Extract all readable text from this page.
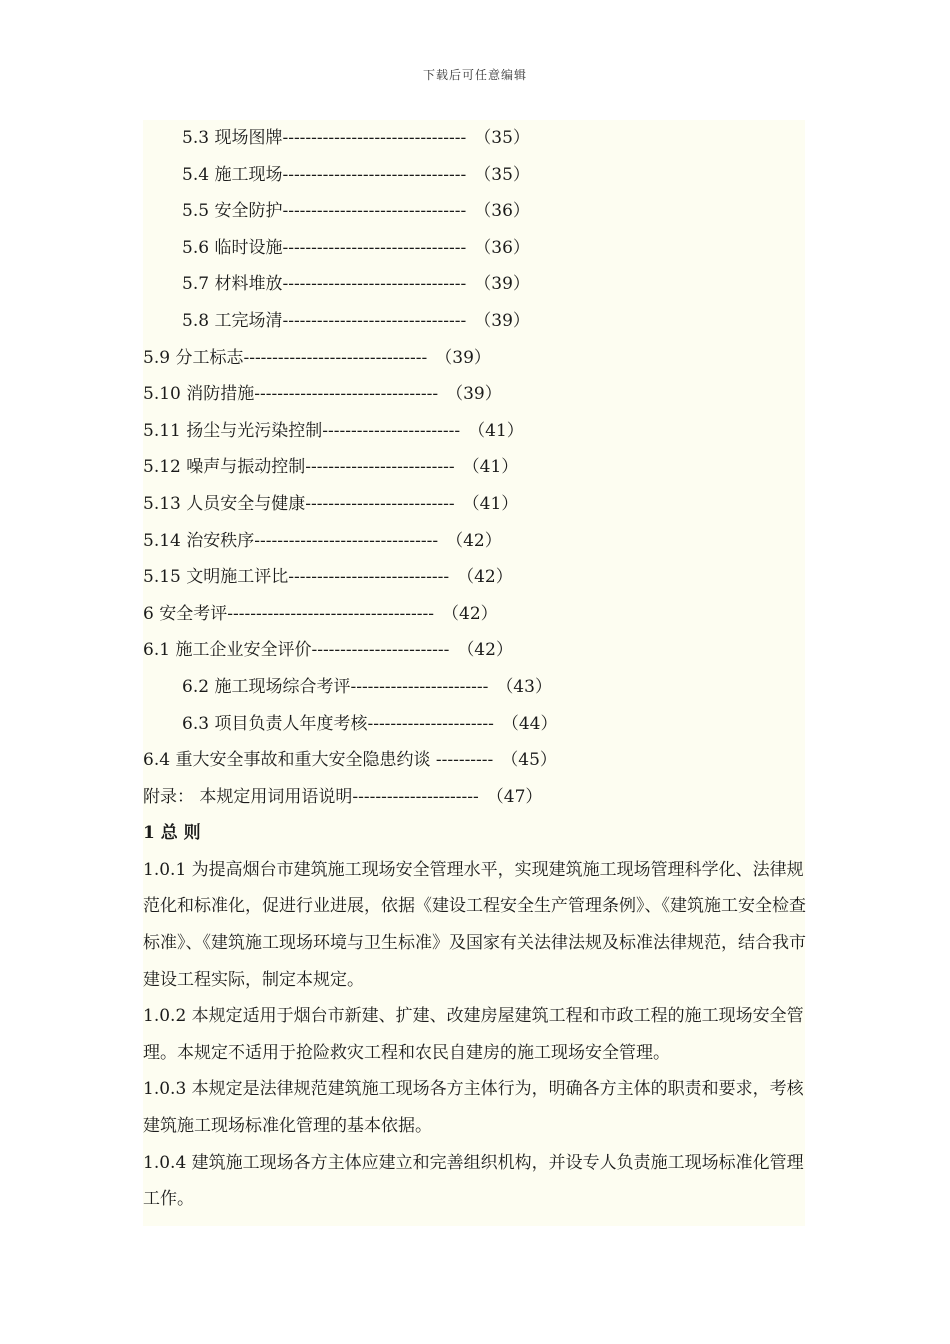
下载后可任意编辑
5.3 现场图牌-------------------------------- （35）
5.4 施工现场-------------------------------- （35）
5.5 安全防护-------------------------------- （36）
5.6 临时设施-------------------------------- （36）
5.7 材料堆放-------------------------------- （39）
5.8 工完场清-------------------------------- （39）
5.9 分工标志-------------------------------- （39）
5.10 消防措施-------------------------------- （39）
5.11 扬尘与光污染控制------------------------ （41）
5.12 噪声与振动控制-------------------------- （41）
5.13 人员安全与健康-------------------------- （41）
5.14 治安秩序-------------------------------- （42）
5.15 文明施工评比---------------------------- （42）
6 安全考评------------------------------------ （42）
6.1 施工企业安全评价------------------------ （42）
6.2 施工现场综合考评------------------------ （43）
6.3 项目负责人年度考核---------------------- （44）
6.4 重大安全事故和重大安全隐患约谈 ---------- （45）
附录： 本规定用词用语说明---------------------- （47）
1 总 则

1.0.1 为提高烟台市建筑施工现场安全管理水平，实现建筑施工现场管理科学化、法律规范化和标准化，促进行业进展，依据《建设工程安全生产管理条例》、《建筑施工安全检查标准》、《建筑施工现场环境与卫生标准》及国家有关法律法规及标准法律规范，结合我市建设工程实际，制定本规定。

1.0.2 本规定适用于烟台市新建、扩建、改建房屋建筑工程和市政工程的施工现场安全管理。本规定不适用于抢险救灾工程和农民自建房的施工现场安全管理。

1.0.3 本规定是法律规范建筑施工现场各方主体行为，明确各方主体的职责和要求，考核建筑施工现场标准化管理的基本依据。

1.0.4 建筑施工现场各方主体应建立和完善组织机构，并设专人负责施工现场标准化管理工作。
